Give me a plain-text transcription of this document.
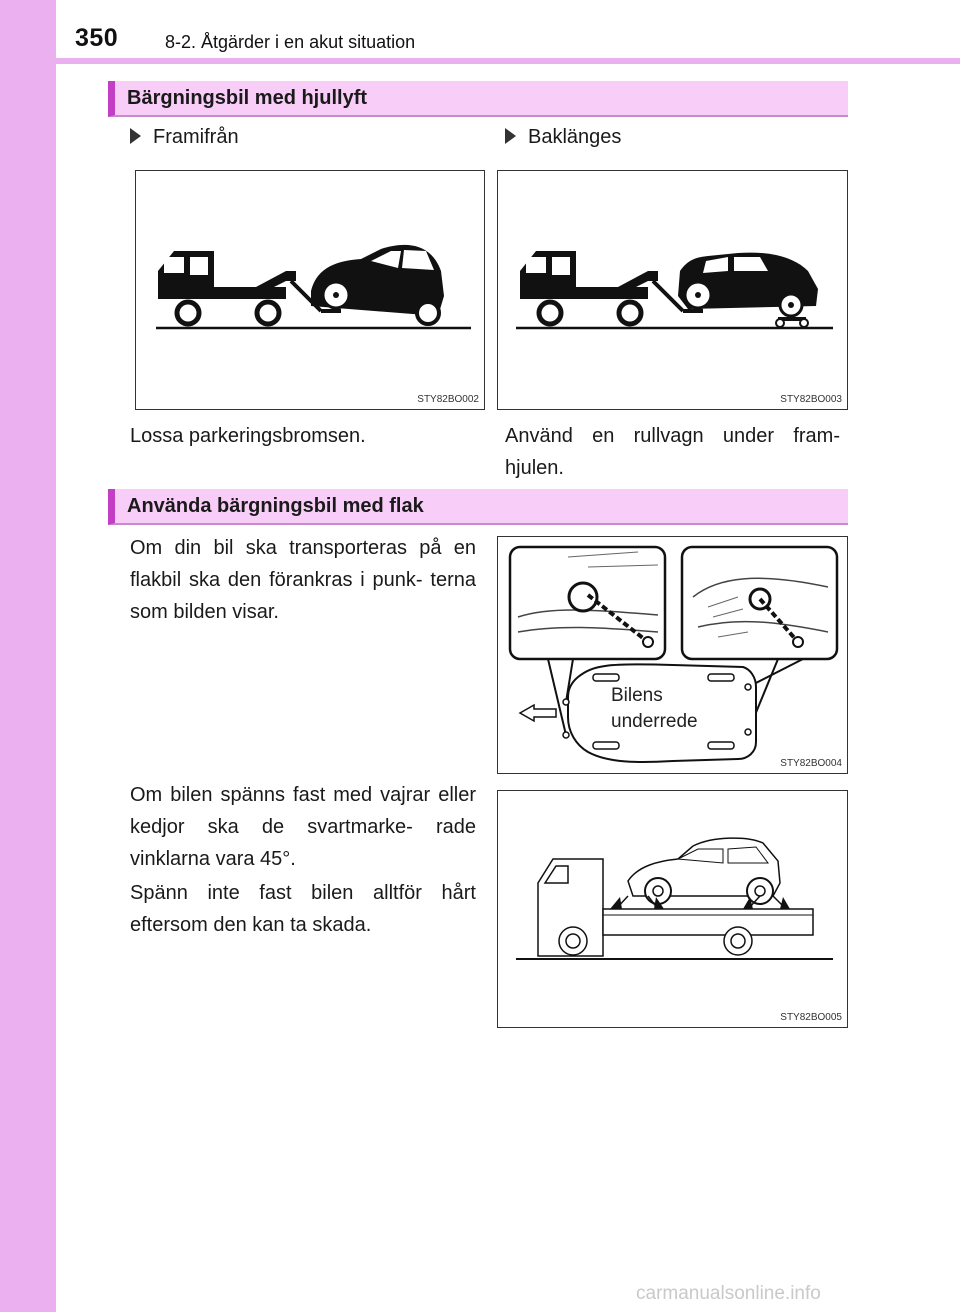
350	8-2. Åtgärder i en akut situation
Bärgningsbil med hjullyft
Framifrån	Baklänges
STY82BO002	STY82BO003
Lossa parkeringsbromsen.	Använd en rullvagn under fram-
hjulen.
Använda bärgningsbil med flak
Om din bil ska transporteras på en flakbil ska den förankras i punk- terna som bilden visar.
Bilens
underrede
STY82BO004
Om bilen spänns fast med vajrar eller kedjor ska de svartmarke- rade vinklarna vara 45°.
Spänn inte fast bilen alltför hårt eftersom den kan ta skada.
STY82BO005
carmanualsonline.info
